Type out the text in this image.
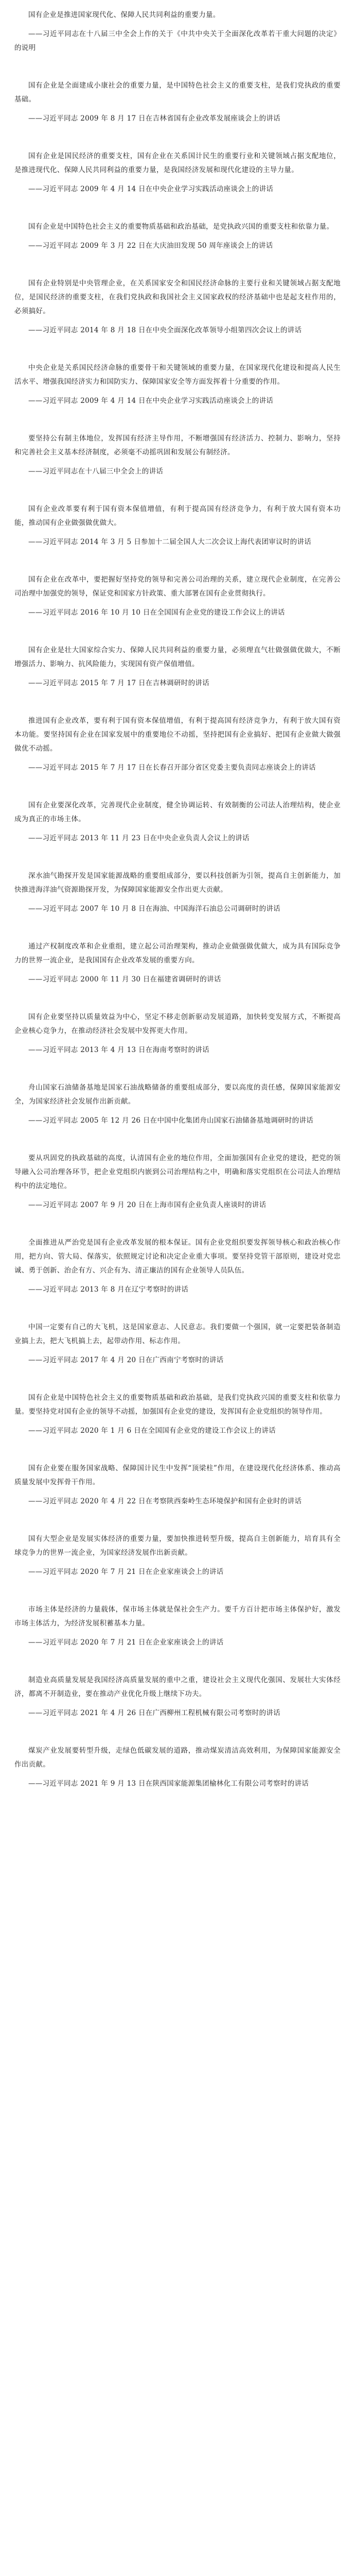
国有企业是推进国家现代化、保障人民共同利益的重要力量。

——习近平同志在十八届三中全会上作的关于《中共中央关于全面深化改革若干重大问题的决定》的说明

国有企业是全面建成小康社会的重要力量，是中国特色社会主义的重要支柱，是我们党执政的重要基础。

——习近平同志 2009 年 8 月 17 日在吉林省国有企业改革发展座谈会上的讲话

国有企业是国民经济的重要支柱，国有企业在关系国计民生的重要行业和关键领域占据支配地位，是推进现代化、保障人民共同利益的重要力量，是我国经济发展和现代化建设的主导力量。

——习近平同志 2009 年 4 月 14 日在中央企业学习实践活动座谈会上的讲话

国有企业是中国特色社会主义的重要物质基础和政治基础，是党执政兴国的重要支柱和依靠力量。

——习近平同志 2009 年 3 月 22 日在大庆油田发现 50 周年座谈会上的讲话

国有企业特别是中央管理企业，在关系国家安全和国民经济命脉的主要行业和关键领域占据支配地位，是国民经济的重要支柱，在我们党执政和我国社会主义国家政权的经济基础中也是起支柱作用的，必须搞好。

——习近平同志 2014 年 8 月 18 日在中央全面深化改革领导小组第四次会议上的讲话

中央企业是关系国民经济命脉的重要骨干和关键领域的重要力量，在国家现代化建设和提高人民生活水平、增强我国经济实力和国防实力、保障国家安全等方面发挥着十分重要的作用。

——习近平同志 2009 年 4 月 14 日在中央企业学习实践活动座谈会上的讲话

要坚持公有制主体地位，发挥国有经济主导作用，不断增强国有经济活力、控制力、影响力，坚持和完善社会主义基本经济制度，必须毫不动摇巩固和发展公有制经济。

——习近平同志在十八届三中全会上的讲话

国有企业改革要有利于国有资本保值增值，有利于提高国有经济竞争力，有利于放大国有资本功能，推动国有企业做强做优做大。

——习近平同志 2014 年 3 月 5 日参加十二届全国人大二次会议上海代表团审议时的讲话

国有企业在改革中，要把握好坚持党的领导和完善公司治理的关系，建立现代企业制度，在完善公司治理中加强党的领导，保证党和国家方针政策、重大部署在国有企业贯彻执行。

——习近平同志 2016 年 10 月 10 日在全国国有企业党的建设工作会议上的讲话

国有企业是壮大国家综合实力、保障人民共同利益的重要力量，必须理直气壮做强做优做大，不断增强活力、影响力、抗风险能力，实现国有资产保值增值。

——习近平同志 2015 年 7 月 17 日在吉林调研时的讲话

推进国有企业改革，要有利于国有资本保值增值，有利于提高国有经济竞争力，有利于放大国有资本功能。要坚持国有企业在国家发展中的重要地位不动摇，坚持把国有企业搞好、把国有企业做大做强做优不动摇。

——习近平同志 2015 年 7 月 17 日在长春召开部分省区党委主要负责同志座谈会上的讲话

国有企业要深化改革，完善现代企业制度，健全协调运转、有效制衡的公司法人治理结构，使企业成为真正的市场主体。

——习近平同志 2013 年 11 月 23 日在中央企业负责人会议上的讲话

深水油气勘探开发是国家能源战略的重要组成部分，要以科技创新为引领，提高自主创新能力，加快推进海洋油气资源勘探开发，为保障国家能源安全作出更大贡献。

——习近平同志 2007 年 10 月 8 日在海油、中国海洋石油总公司调研时的讲话

通过产权制度改革和企业重组，建立起公司治理架构，推动企业做强做优做大，成为具有国际竞争力的世界一流企业，是我国国有企业改革发展的重要方向。

——习近平同志 2000 年 11 月 30 日在福建省调研时的讲话

国有企业要坚持以质量效益为中心，坚定不移走创新驱动发展道路，加快转变发展方式，不断提高企业核心竞争力，在推动经济社会发展中发挥更大作用。

——习近平同志 2013 年 4 月 13 日在海南考察时的讲话

舟山国家石油储备基地是国家石油战略储备的重要组成部分，要以高度的责任感，保障国家能源安全，为国家经济社会发展作出新贡献。

——习近平同志 2005 年 12 月 26 日在中国中化集团舟山国家石油储备基地调研时的讲话

要从巩固党的执政基础的高度，认清国有企业的地位作用，全面加强国有企业党的建设，把党的领导融入公司治理各环节，把企业党组织内嵌到公司治理结构之中，明确和落实党组织在公司法人治理结构中的法定地位。

——习近平同志 2007 年 9 月 20 日在上海市国有企业负责人座谈时的讲话

全面推进从严治党是国有企业改革发展的根本保证。国有企业党组织要发挥领导核心和政治核心作用，把方向、管大局、保落实，依照规定讨论和决定企业重大事项。要坚持党管干部原则，建设对党忠诚、勇于创新、治企有方、兴企有为、清正廉洁的国有企业领导人员队伍。

——习近平同志 2013 年 8 月在辽宁考察时的讲话

中国一定要有自己的大飞机，这是国家意志、人民意志。我们要做一个强国，就一定要把装备制造业搞上去，把大飞机搞上去，起带动作用、标志作用。

——习近平同志 2017 年 4 月 20 日在广西南宁考察时的讲话

国有企业是中国特色社会主义的重要物质基础和政治基础，是我们党执政兴国的重要支柱和依靠力量。要坚持党对国有企业的领导不动摇，加强国有企业党的建设，发挥国有企业党组织的领导作用。

——习近平同志 2020 年 1 月 6 日在全国国有企业党的建设工作会议上的讲话

国有企业要在服务国家战略、保障国计民生中发挥“顶梁柱”作用，在建设现代化经济体系、推动高质量发展中发挥骨干作用。

——习近平同志 2020 年 4 月 22 日在考察陕西秦岭生态环境保护和国有企业时的讲话

国有大型企业是发展实体经济的重要力量，要加快推进转型升级，提高自主创新能力，培育具有全球竞争力的世界一流企业，为国家经济发展作出新贡献。

——习近平同志 2020 年 7 月 21 日在企业家座谈会上的讲话

市场主体是经济的力量载体，保市场主体就是保社会生产力。要千方百计把市场主体保护好，激发市场主体活力，为经济发展积蓄基本力量。

——习近平同志 2020 年 7 月 21 日在企业家座谈会上的讲话

制造业高质量发展是我国经济高质量发展的重中之重，建设社会主义现代化强国、发展壮大实体经济，都离不开制造业，要在推动产业优化升级上继续下功夫。

——习近平同志 2021 年 4 月 26 日在广西柳州工程机械有限公司考察时的讲话

煤炭产业发展要转型升级，走绿色低碳发展的道路，推动煤炭清洁高效利用，为保障国家能源安全作出贡献。

——习近平同志 2021 年 9 月 13 日在陕西国家能源集团榆林化工有限公司考察时的讲话
